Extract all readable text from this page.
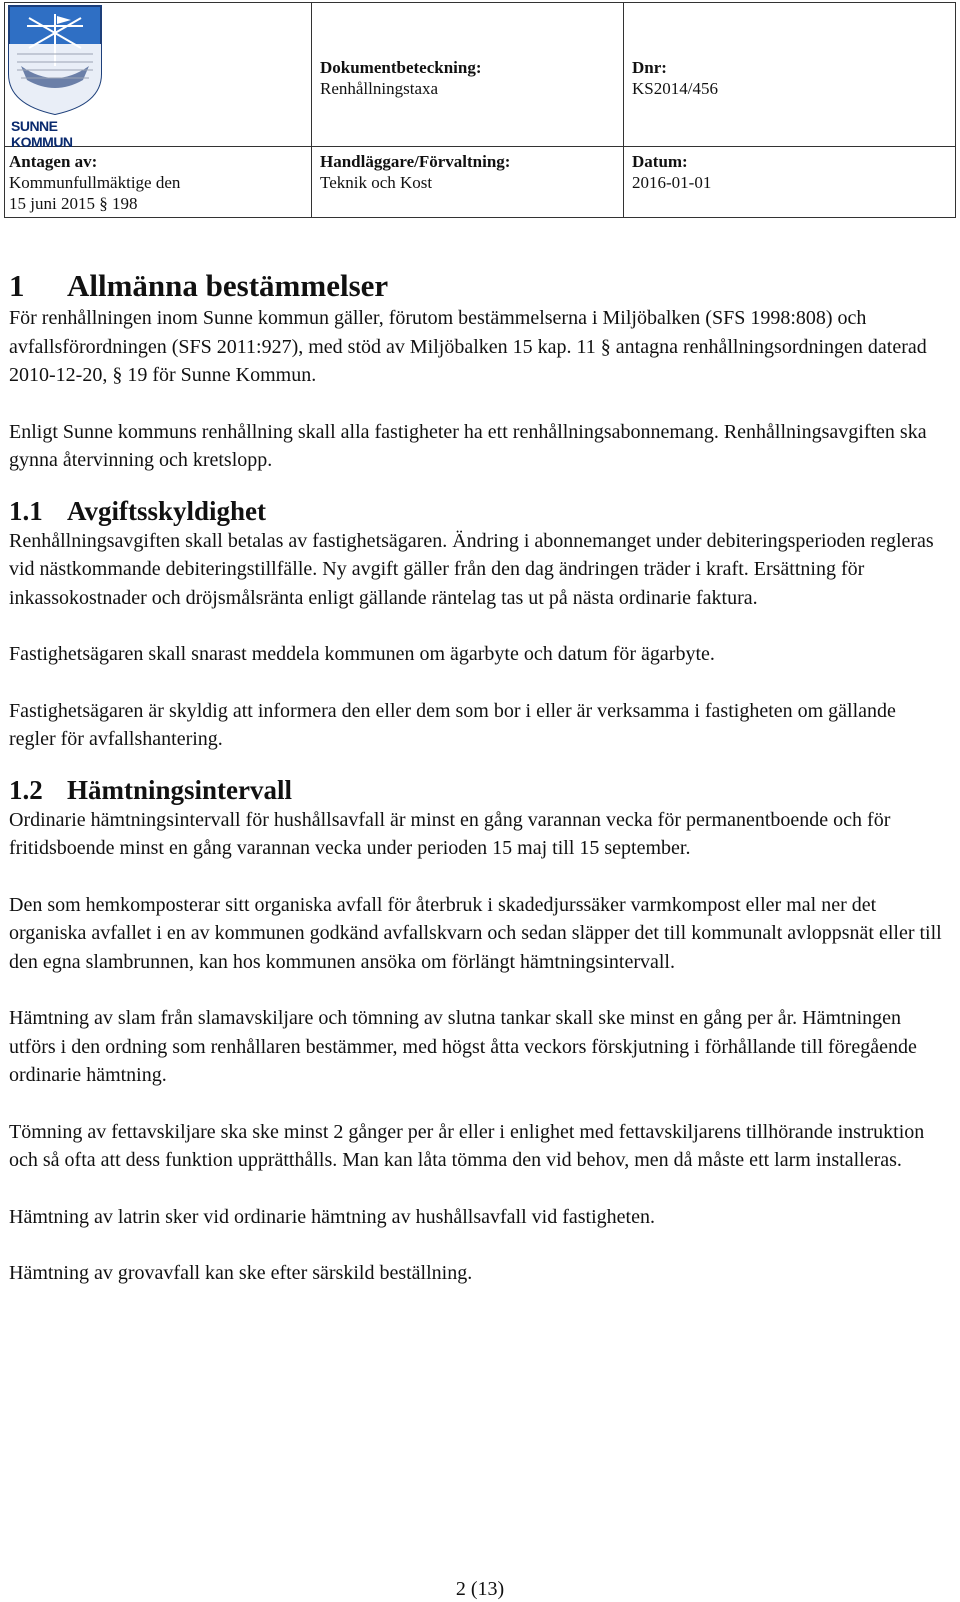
SUNNE KOMMUN
Dokumentbeteckning:
Renhållningstaxa
Dnr:
KS2014/456
Antagen av:
Kommunfullmäktige den
15 juni 2015 § 198
Handläggare/Förvaltning:
Teknik och Kost
Datum:
2016-01-01
1 Allmänna bestämmelser

För renhållningen inom Sunne kommun gäller, förutom bestämmelserna i Miljöbalken (SFS 1998:808) och avfallsförordningen (SFS 2011:927), med stöd av Miljöbalken 15 kap. 11 § antagna renhållningsordningen daterad 2010-12-20, § 19 för Sunne Kommun.

Enligt Sunne kommuns renhållning skall alla fastigheter ha ett renhållningsabonnemang. Renhållningsavgiften ska gynna återvinning och kretslopp.

1.1 Avgiftsskyldighet

Renhållningsavgiften skall betalas av fastighetsägaren. Ändring i abonnemanget under debiteringsperioden regleras vid nästkommande debiteringstillfälle. Ny avgift gäller från den dag ändringen träder i kraft. Ersättning för inkassokostnader och dröjsmålsränta enligt gällande räntelag tas ut på nästa ordinarie faktura.

Fastighetsägaren skall snarast meddela kommunen om ägarbyte och datum för ägarbyte.

Fastighetsägaren är skyldig att informera den eller dem som bor i eller är verksamma i fastigheten om gällande regler för avfallshantering.

1.2 Hämtningsintervall

Ordinarie hämtningsintervall för hushållsavfall är minst en gång varannan vecka för permanentboende och för fritidsboende minst en gång varannan vecka under perioden 15 maj till 15 september.

Den som hemkomposterar sitt organiska avfall för återbruk i skadedjurssäker varmkompost eller mal ner det organiska avfallet i en av kommunen godkänd avfallskvarn och sedan släpper det till kommunalt avloppsnät eller till den egna slambrunnen, kan hos kommunen ansöka om förlängt hämtningsintervall.

Hämtning av slam från slamavskiljare och tömning av slutna tankar skall ske minst en gång per år. Hämtningen utförs i den ordning som renhållaren bestämmer, med högst åtta veckors förskjutning i förhållande till föregående ordinarie hämtning.

Tömning av fettavskiljare ska ske minst 2 gånger per år eller i enlighet med fettavskiljarens tillhörande instruktion och så ofta att dess funktion upprätthålls. Man kan låta tömma den vid behov, men då måste ett larm installeras.

Hämtning av latrin sker vid ordinarie hämtning av hushållsavfall vid fastigheten.

Hämtning av grovavfall kan ske efter särskild beställning.

2 (13)
